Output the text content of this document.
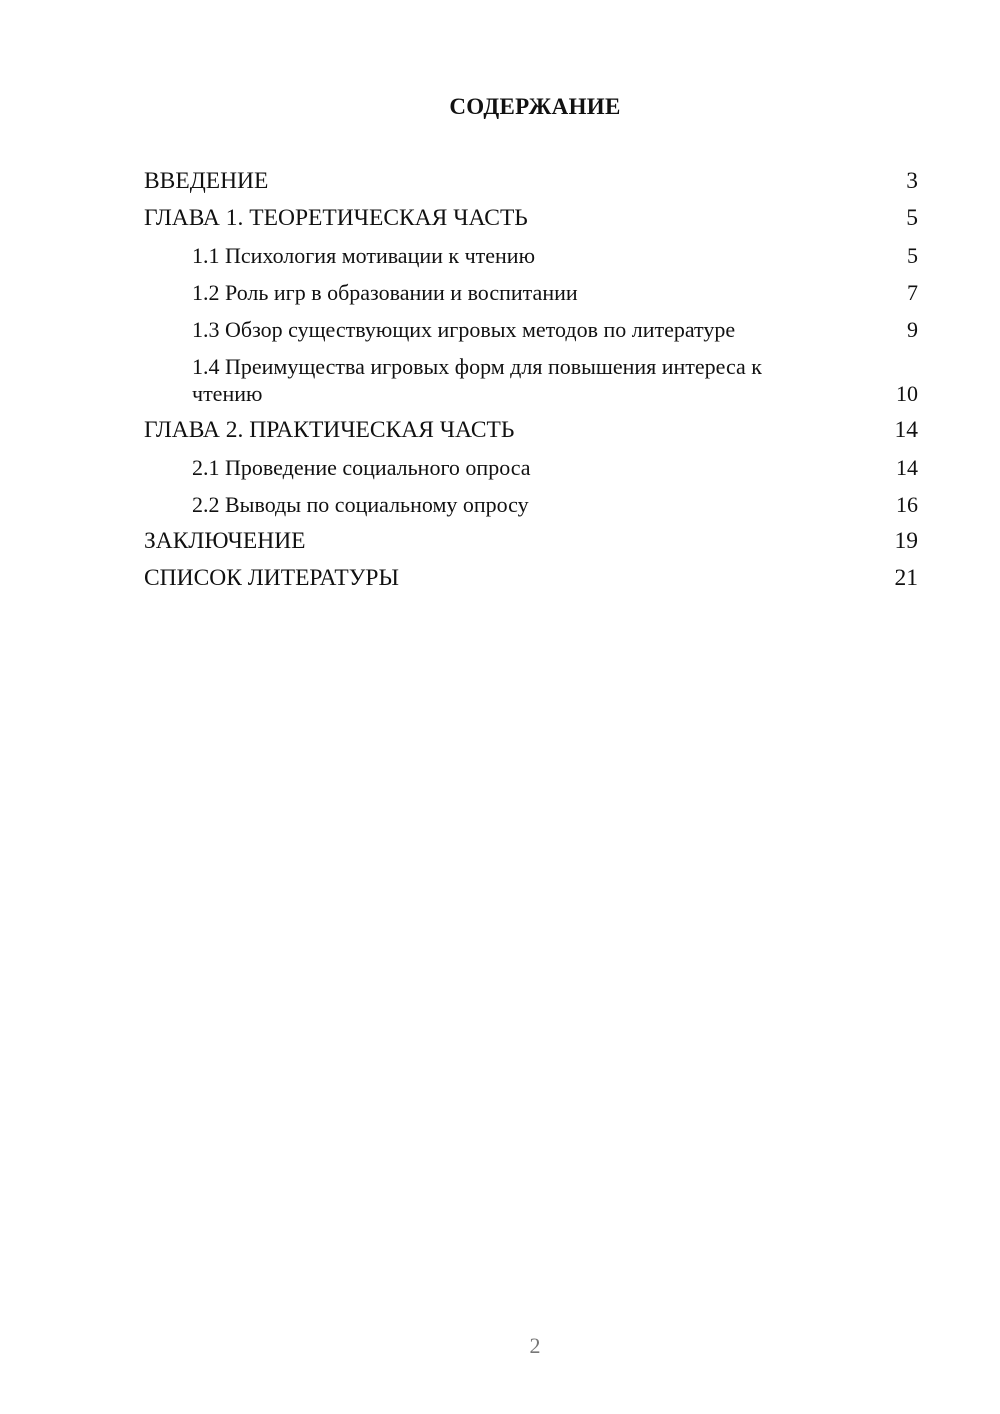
СОДЕРЖАНИЕ
ВВЕДЕНИЕ	3
ГЛАВА 1. ТЕОРЕТИЧЕСКАЯ ЧАСТЬ	5
1.1 Психология мотивации к чтению	5
1.2 Роль игр в образовании и воспитании	7
1.3 Обзор существующих игровых методов по литературе	9
1.4 Преимущества игровых форм для повышения интереса к чтению	10
ГЛАВА 2. ПРАКТИЧЕСКАЯ ЧАСТЬ	14
2.1 Проведение социального опроса	14
2.2 Выводы по социальному опросу	16
ЗАКЛЮЧЕНИЕ	19
СПИСОК ЛИТЕРАТУРЫ	21
2
